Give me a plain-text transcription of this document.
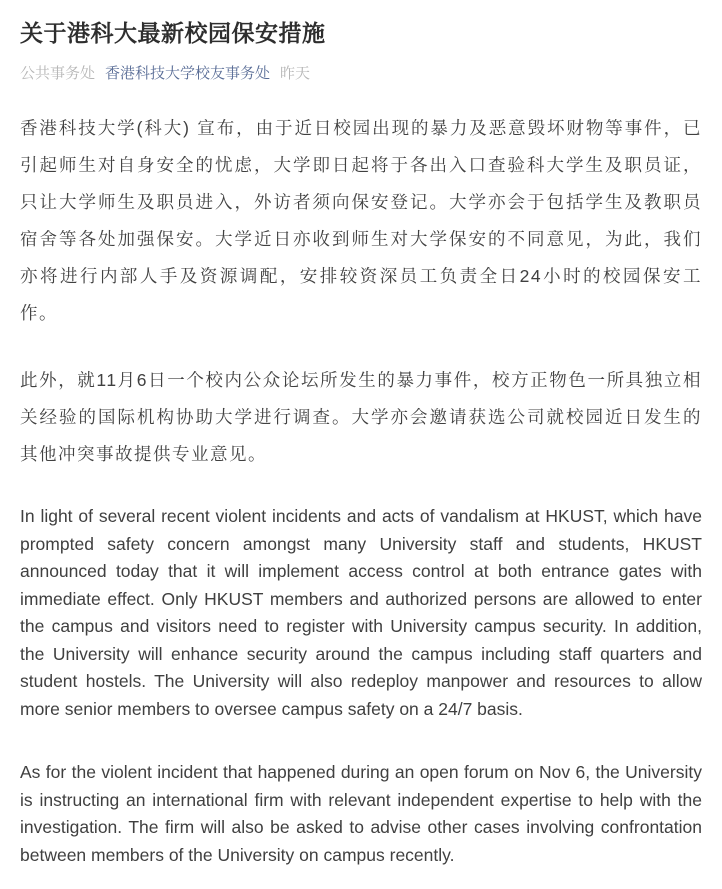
关于港科大最新校园保安措施
公共事务处 香港科技大学校友事务处 昨天

香港科技大学(科大) 宣布，由于近日校园出现的暴力及恶意毁坏财物等事件，已引起师生对自身安全的忧虑，大学即日起将于各出入口查验科大学生及职员证，只让大学师生及职员进入，外访者须向保安登记。大学亦会于包括学生及教职员宿舍等各处加强保安。大学近日亦收到师生对大学保安的不同意见，为此，我们亦将进行内部人手及资源调配，安排较资深员工负责全日24小时的校园保安工作。

此外，就11月6日一个校内公众论坛所发生的暴力事件，校方正物色一所具独立相关经验的国际机构协助大学进行调查。大学亦会邀请获选公司就校园近日发生的其他冲突事故提供专业意见。

In light of several recent violent incidents and acts of vandalism at HKUST, which have prompted safety concern amongst many University staff and students, HKUST announced today that it will implement access control at both entrance gates with immediate effect. Only HKUST members and authorized persons are allowed to enter the campus and visitors need to register with University campus security. In addition, the University will enhance security around the campus including staff quarters and student hostels. The University will also redeploy manpower and resources to allow more senior members to oversee campus safety on a 24/7 basis.

As for the violent incident that happened during an open forum on Nov 6, the University is instructing an international firm with relevant independent expertise to help with the investigation. The firm will also be asked to advise other cases involving confrontation between members of the University on campus recently.
